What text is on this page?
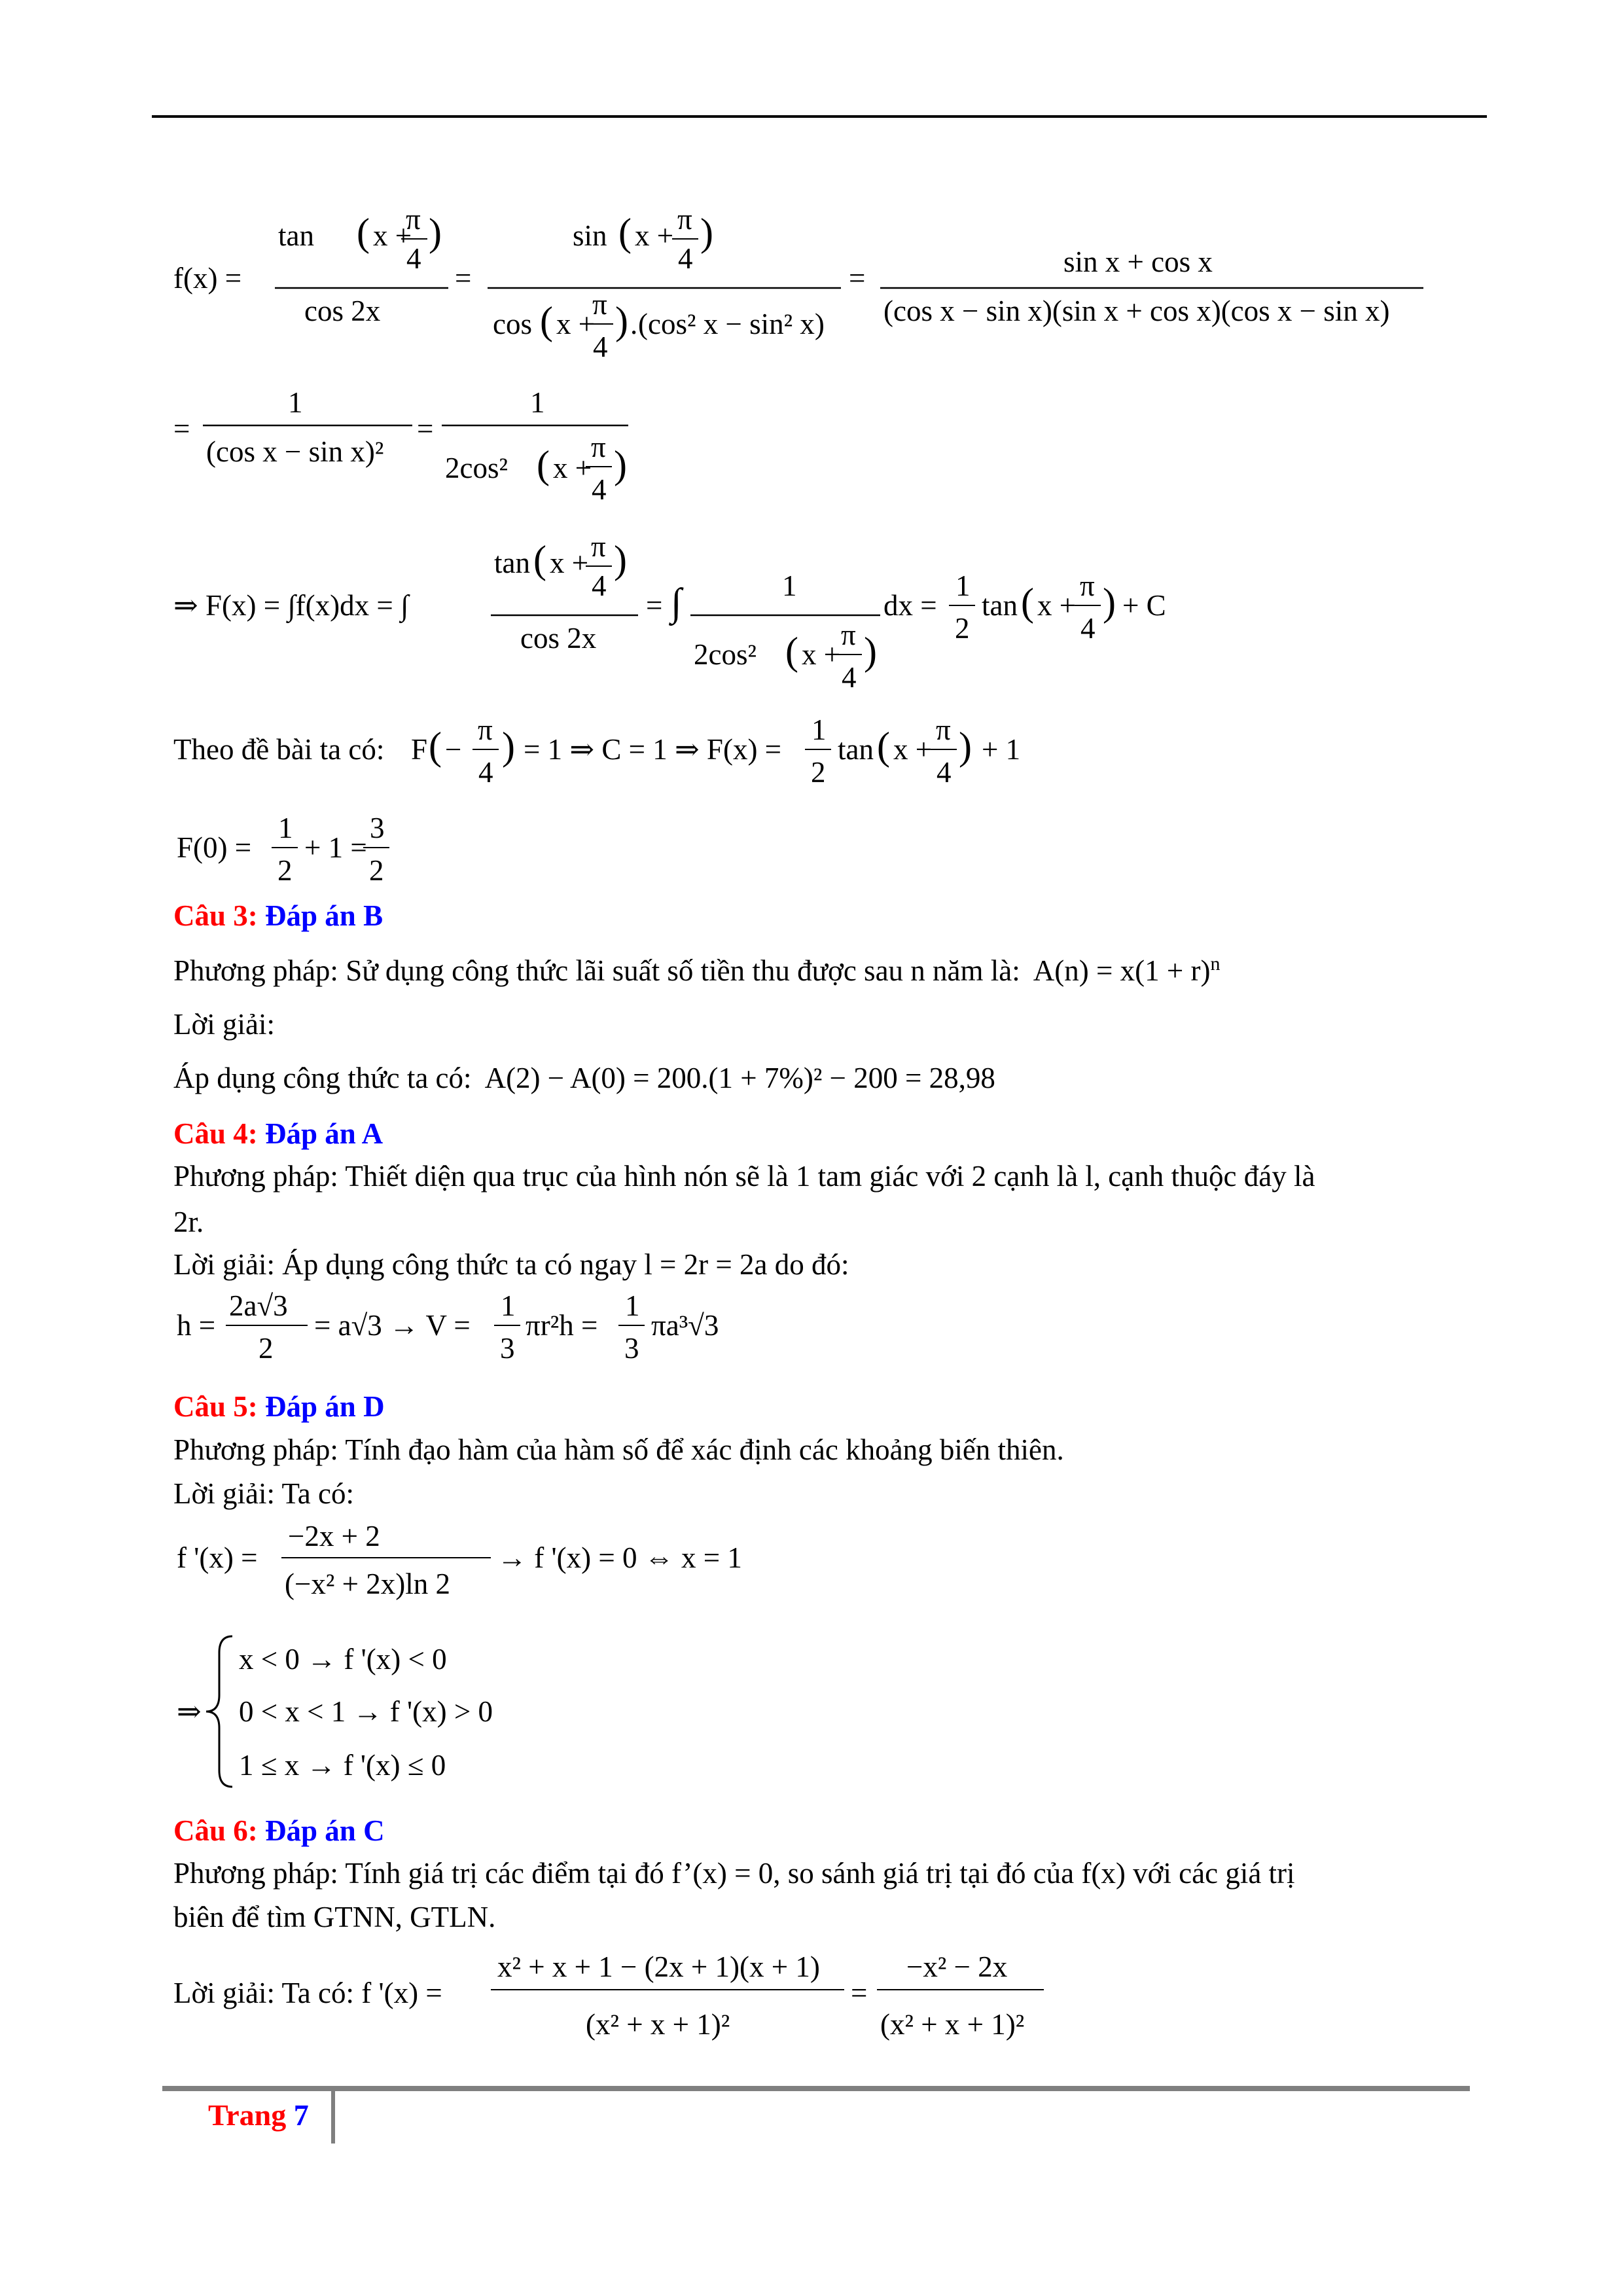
f(x) =
tan ( x +
π
4
)
cos 2x
=
sin ( x + π
4
)
cos ( x +
π
4
) . (cos² x − sin² x)
=	sin x + cos x
(cos x − sin x)(sin x + cos x)(cos x − sin x)
=
1
(cos x − sin x)²
=
1
2cos² ( x +
π
4
)
⇒ F(x) = ∫f(x)dx = ∫
tan ( x + π
4
)
cos 2x
= ∫	1
2cos² ( x +
π
4
)
dx =
1
2
tan ( x +
π
4
) + C
Theo đề bài ta có: F ( −
π
4
) = 1 ⇒ C = 1 ⇒ F(x) =
1
2
tan ( x +
π
4
) + 1
F(0) =
1
2
+ 1 =
3
2
Câu 3: Đáp án B
Phương pháp: Sử dụng công thức lãi suất số tiền thu được sau n năm là: $A(n) = x(1 + r)^n$
Lời giải:
Áp dụng công thức ta có: A(2) − A(0) = 200.(1 + 7%)² − 200 = 28,98
Câu 4: Đáp án A
Phương pháp: Thiết diện qua trục của hình nón sẽ là 1 tam giác với 2 cạnh là l, cạnh thuộc đáy là
2r.
Lời giải: Áp dụng công thức ta có ngay l = 2r = 2a do đó:
h =
2a√3
2
= a√3 → V =
1
3
πr²h =
1
3
πa³√3
Câu 5: Đáp án D
Phương pháp: Tính đạo hàm của hàm số để xác định các khoảng biến thiên.
Lời giải: Ta có:
f '(x) =
−2x + 2
(−x² + 2x)ln 2
→ f '(x) = 0 ⇔ x = 1
⇒
x < 0 → f '(x) < 0
0 < x < 1 → f '(x) > 0
1 ≤ x → f '(x) ≤ 0
Câu 6: Đáp án C
Phương pháp: Tính giá trị các điểm tại đó f’(x) = 0, so sánh giá trị tại đó của f(x) với các giá trị
biên để tìm GTNN, GTLN.
Lời giải: Ta có: f '(x) =
x² + x + 1 − (2x + 1)(x + 1)
(x² + x + 1)²
=
−x² − 2x
(x² + x + 1)²
Trang 7
